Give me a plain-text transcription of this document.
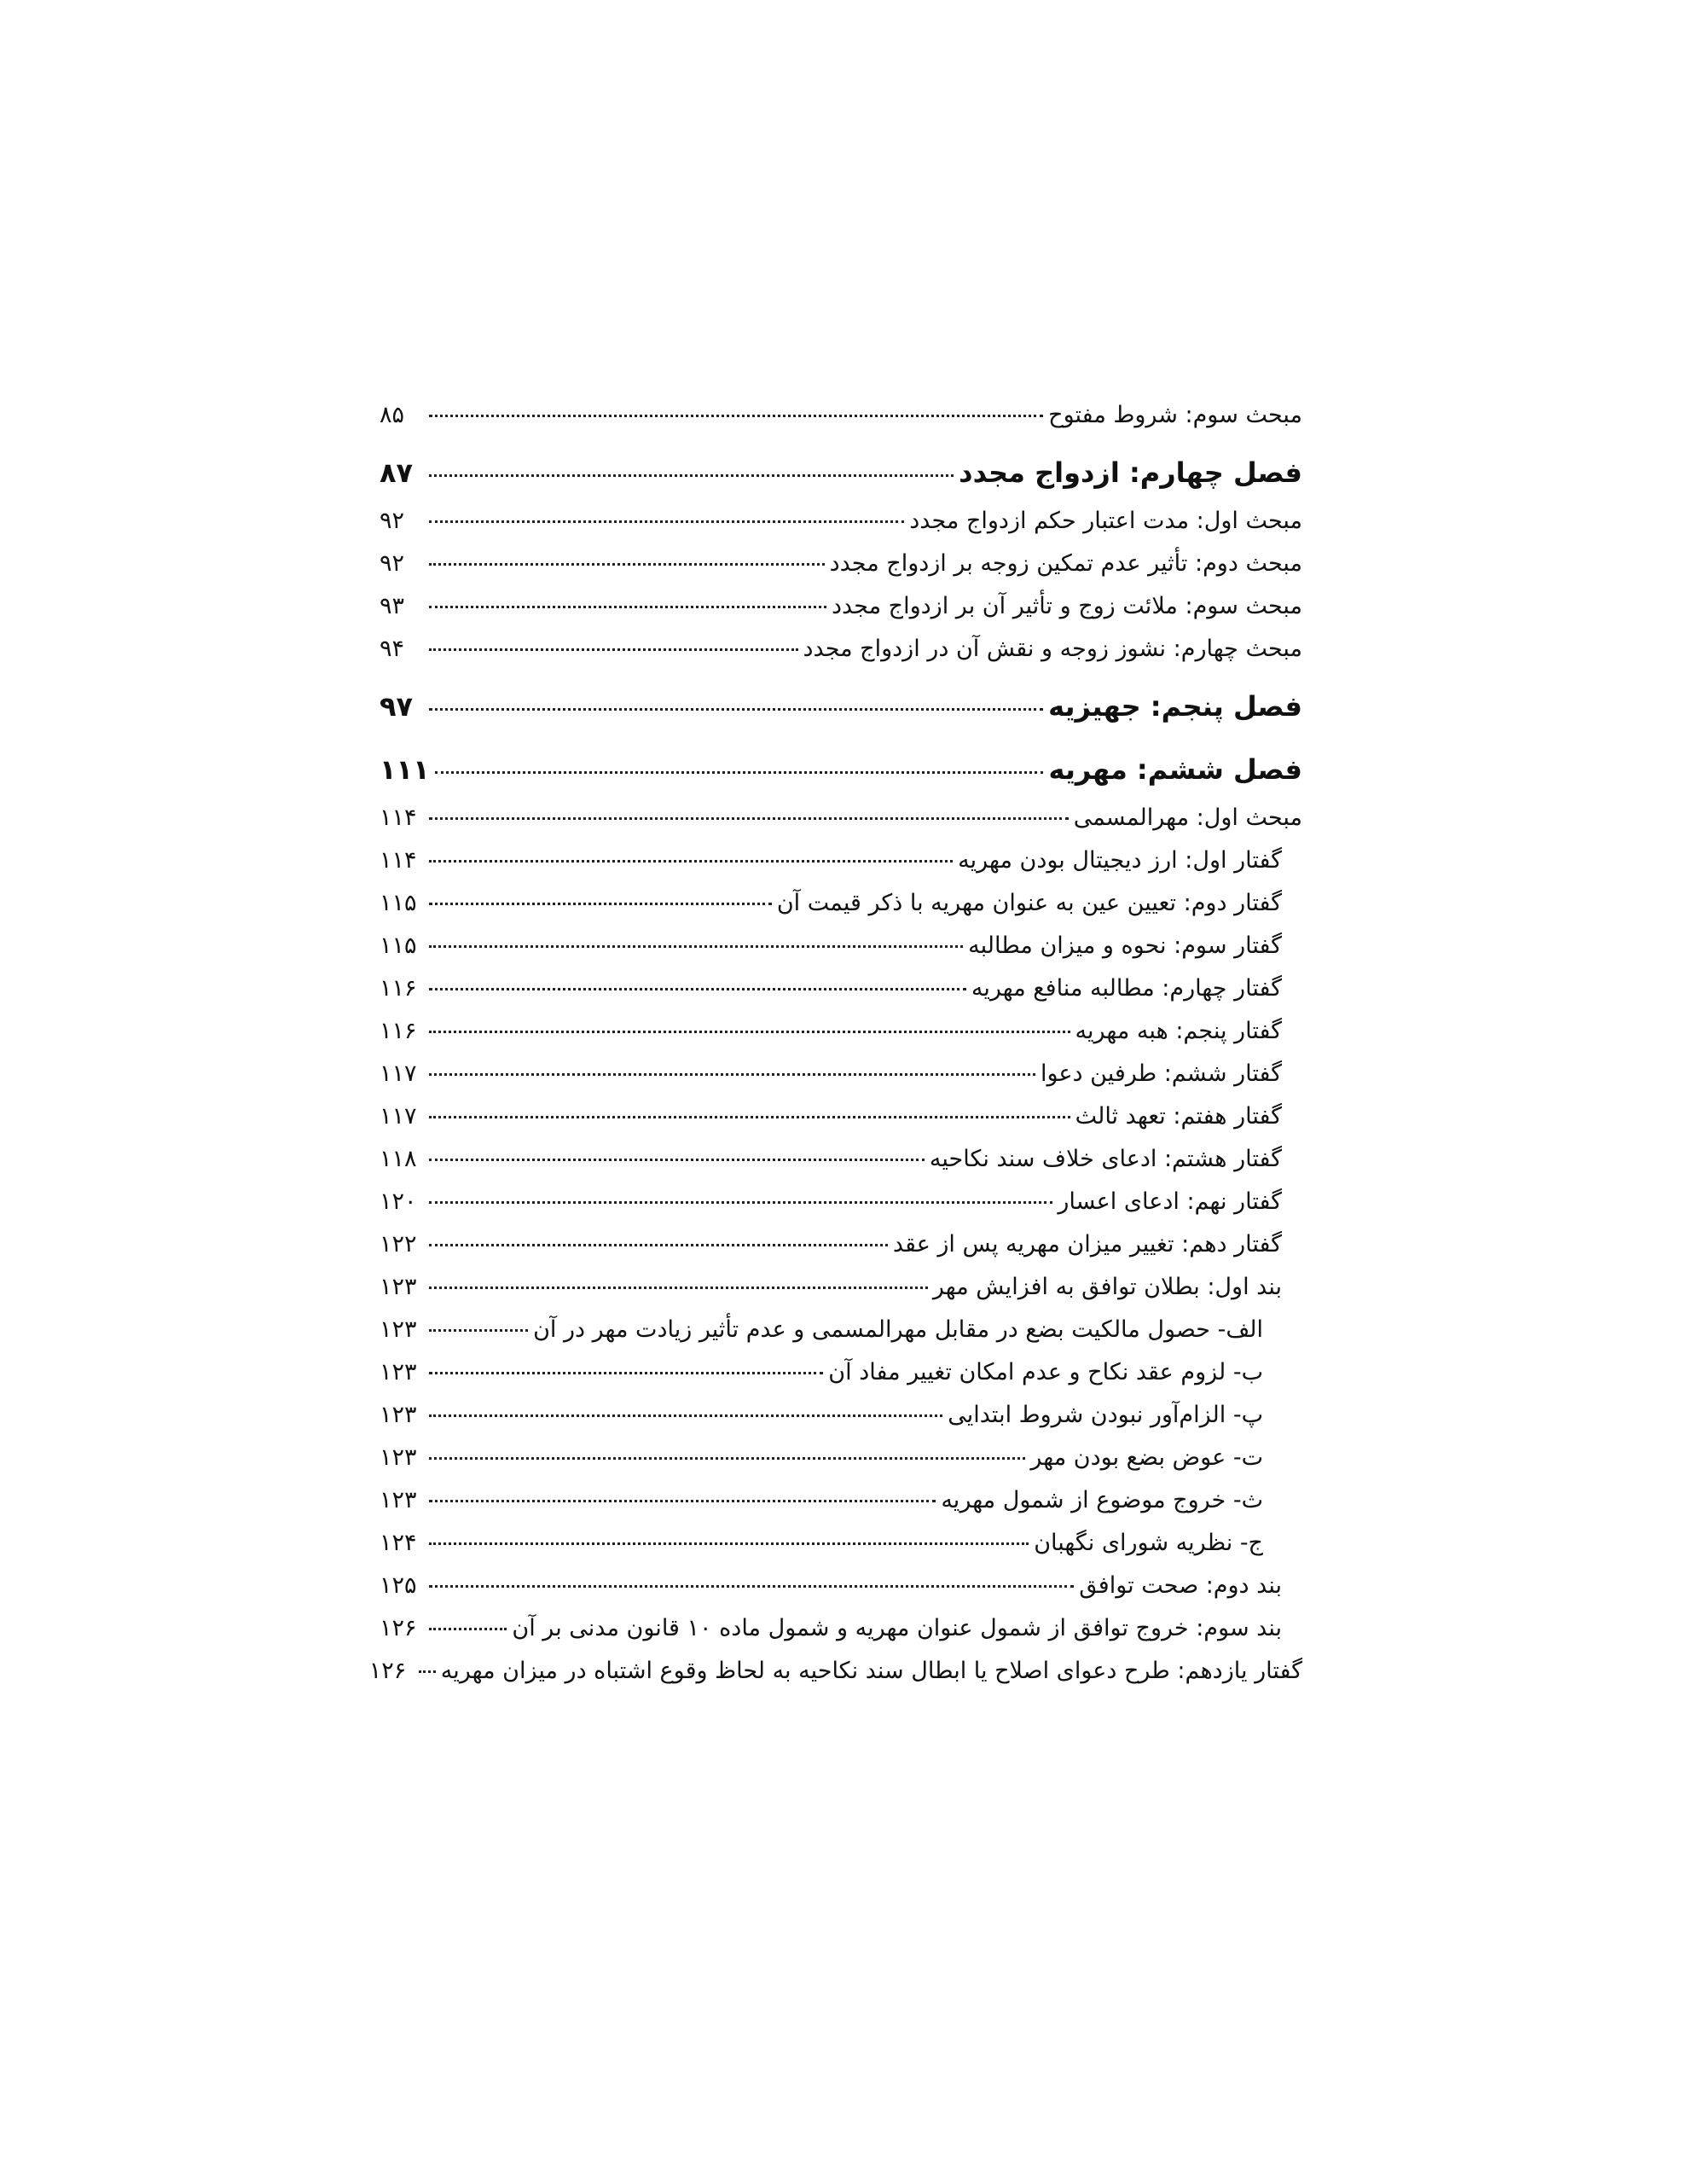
مبحث سوم: شروط مفتوح
۸۵
فصل چهارم: ازدواج مجدد
۸۷
مبحث اول: مدت اعتبار حکم ازدواج مجدد
۹۲
مبحث دوم: تأثیر عدم تمکین زوجه بر ازدواج مجدد
۹۲
مبحث سوم: ملائت زوج و تأثیر آن بر ازدواج مجدد
۹۳
مبحث چهارم: نشوز زوجه و نقش آن در ازدواج مجدد
۹۴
فصل پنجم: جهیزیه
۹۷
فصل ششم: مهریه
۱۱۱
مبحث اول: مهرالمسمی
۱۱۴
گفتار اول: ارز دیجیتال بودن مهریه
۱۱۴
گفتار دوم: تعیین عین به عنوان مهریه با ذکر قیمت آن
۱۱۵
گفتار سوم: نحوه و میزان مطالبه
۱۱۵
گفتار چهارم: مطالبه منافع مهریه
۱۱۶
گفتار پنجم: هبه مهریه
۱۱۶
گفتار ششم: طرفین دعوا
۱۱۷
گفتار هفتم: تعهد ثالث
۱۱۷
گفتار هشتم: ادعای خلاف سند نکاحیه
۱۱۸
گفتار نهم: ادعای اعسار
۱۲۰
گفتار دهم: تغییر میزان مهریه پس از عقد
۱۲۲
بند اول: بطلان توافق به افزایش مهر
۱۲۳
الف- حصول مالکیت بضع در مقابل مهرالمسمی و عدم تأثیر زیادت مهر در آن
۱۲۳
ب- لزوم عقد نکاح و عدم امکان تغییر مفاد آن
۱۲۳
پ- الزام‌آور نبودن شروط ابتدایی
۱۲۳
ت- عوض بضع بودن مهر
۱۲۳
ث- خروج موضوع از شمول مهریه
۱۲۳
ج- نظریه شورای نگهبان
۱۲۴
بند دوم: صحت توافق
۱۲۵
بند سوم: خروج توافق از شمول عنوان مهریه و شمول ماده ۱۰ قانون مدنی بر آن
۱۲۶
گفتار یازدهم: طرح دعوای اصلاح یا ابطال سند نکاحیه به لحاظ وقوع اشتباه در میزان مهریه
۱۲۶
